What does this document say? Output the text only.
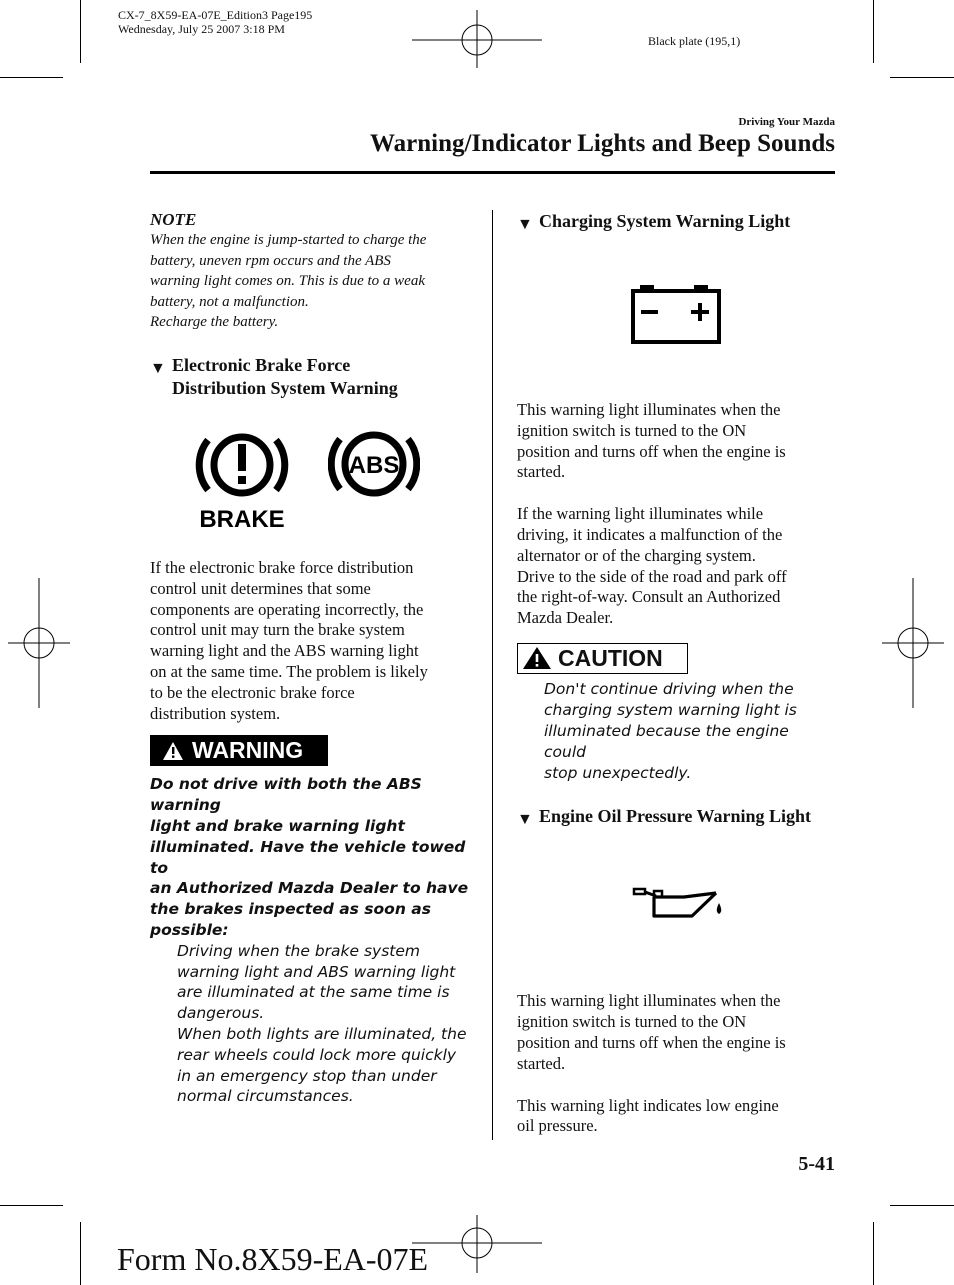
CX-7_8X59-EA-07E_Edition3 Page195
Wednesday, July 25 2007 3:18 PM
Black plate (195,1)
Driving Your Mazda
Warning/Indicator Lights and Beep Sounds

NOTE

When the engine is jump-started to charge the

battery, uneven rpm occurs and the ABS

warning light comes on. This is due to a weak

battery, not a malfunction.

Recharge the battery.

▼ Electronic Brake Force

Distribution System Warning

BRAKE
ABS

If the electronic brake force distribution

control unit determines that some

components are operating incorrectly, the

control unit may turn the brake system

warning light and the ABS warning light

on at the same time. The problem is likely

to be the electronic brake force

distribution system.

WARNING

Do not drive with both the ABS warning

light and brake warning light

illuminated. Have the vehicle towed to

an Authorized Mazda Dealer to have

the brakes inspected as soon as

possible:

Driving when the brake system

warning light and ABS warning light

are illuminated at the same time is

dangerous.

When both lights are illuminated, the

rear wheels could lock more quickly

in an emergency stop than under

normal circumstances.

▼ Charging System Warning Light

This warning light illuminates when the

ignition switch is turned to the ON

position and turns off when the engine is

started.

If the warning light illuminates while

driving, it indicates a malfunction of the

alternator or of the charging system.

Drive to the side of the road and park off

the right-of-way. Consult an Authorized

Mazda Dealer.

CAUTION

Don't continue driving when the

charging system warning light is

illuminated because the engine could

stop unexpectedly.

▼ Engine Oil Pressure Warning Light

This warning light illuminates when the

ignition switch is turned to the ON

position and turns off when the engine is

started.

This warning light indicates low engine

oil pressure.

5-41
Form No.8X59-EA-07E
